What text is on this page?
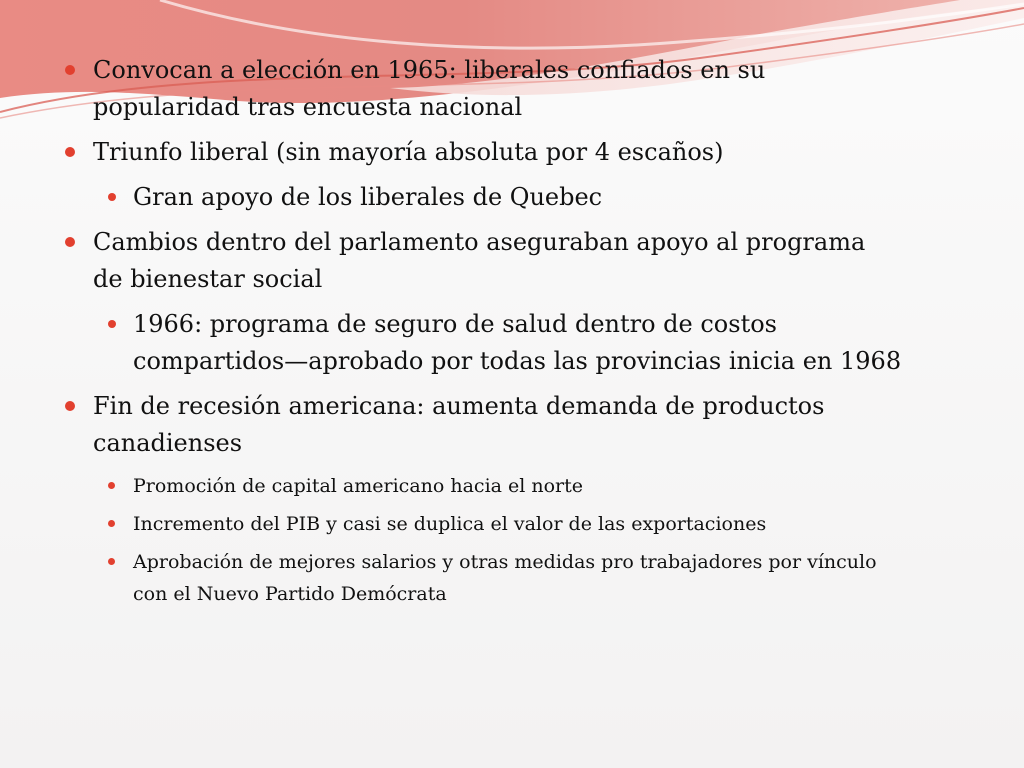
Convocan a elección en 1965: liberales confiados en su popularidad tras encuesta nacional
Triunfo liberal (sin mayoría absoluta por 4 escaños)
Gran apoyo de los liberales de Quebec
Cambios dentro del parlamento aseguraban apoyo al programa de bienestar social
1966: programa de seguro de salud dentro de costos compartidos—aprobado por todas las provincias inicia en 1968
Fin de recesión americana: aumenta demanda de productos canadienses
Promoción de capital americano hacia el norte
Incremento del PIB y casi se duplica el valor de las exportaciones
Aprobación de mejores salarios y otras medidas pro trabajadores por vínculo con el Nuevo Partido Demócrata
